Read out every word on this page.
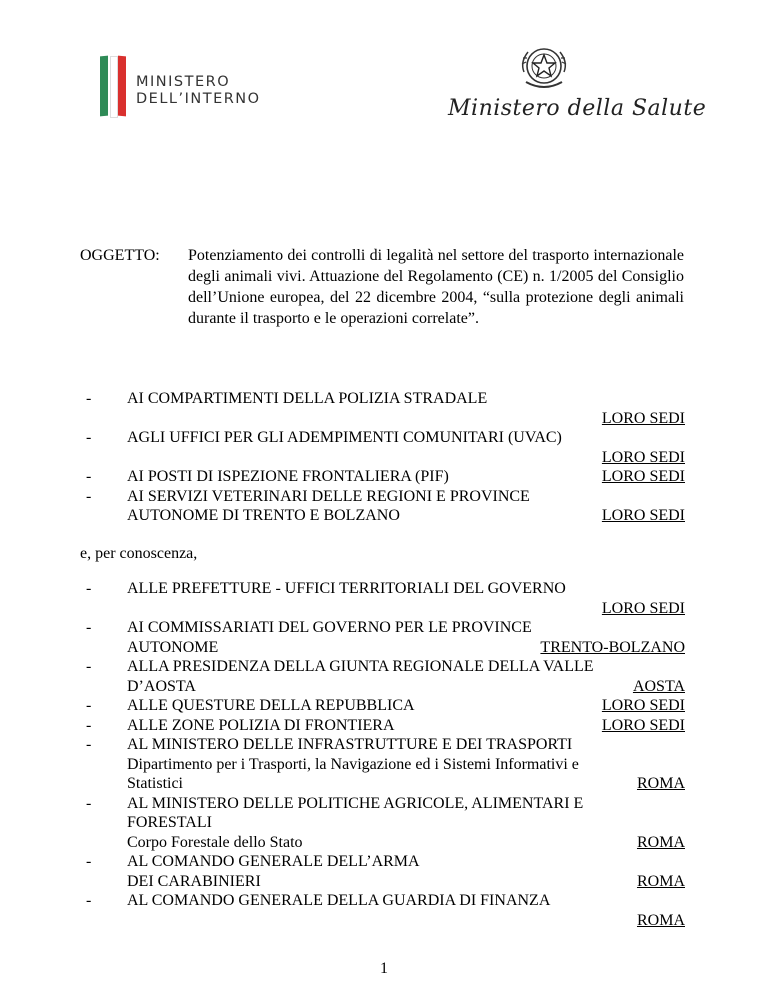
MINISTERO
DELL’INTERNO	Ministero della Salute
OGGETTO: Potenziamento dei controlli di legalità nel settore del trasporto internazionale degli animali vivi. Attuazione del Regolamento (CE) n. 1/2005 del Consiglio dell’Unione europea, del 22 dicembre 2004, “sulla protezione degli animali durante il trasporto e le operazioni correlate”.
- AI COMPARTIMENTI DELLA POLIZIA STRADALE
LORO SEDI
- AGLI UFFICI PER GLI ADEMPIMENTI COMUNITARI (UVAC)
LORO SEDI
- AI POSTI DI ISPEZIONE FRONTALIERA (PIF)	LORO SEDI
- AI SERVIZI VETERINARI DELLE REGIONI E PROVINCE
AUTONOME DI TRENTO E BOLZANO	LORO SEDI
e, per conoscenza,
- ALLE PREFETTURE - UFFICI TERRITORIALI DEL GOVERNO
LORO SEDI
- AI COMMISSARIATI DEL GOVERNO PER LE PROVINCE
AUTONOME	TRENTO-BOLZANO
- ALLA PRESIDENZA DELLA GIUNTA REGIONALE DELLA VALLE
D’AOSTA	AOSTA
- ALLE QUESTURE DELLA REPUBBLICA	LORO SEDI
- ALLE ZONE POLIZIA DI FRONTIERA	LORO SEDI
- AL MINISTERO DELLE INFRASTRUTTURE E DEI TRASPORTI
Dipartimento per i Trasporti, la Navigazione ed i Sistemi Informativi e
Statistici	ROMA
- AL MINISTERO DELLE POLITICHE AGRICOLE, ALIMENTARI E
FORESTALI
Corpo Forestale dello Stato	ROMA
- AL COMANDO GENERALE DELL’ARMA
DEI CARABINIERI	ROMA
- AL COMANDO GENERALE DELLA GUARDIA DI FINANZA
ROMA
1
